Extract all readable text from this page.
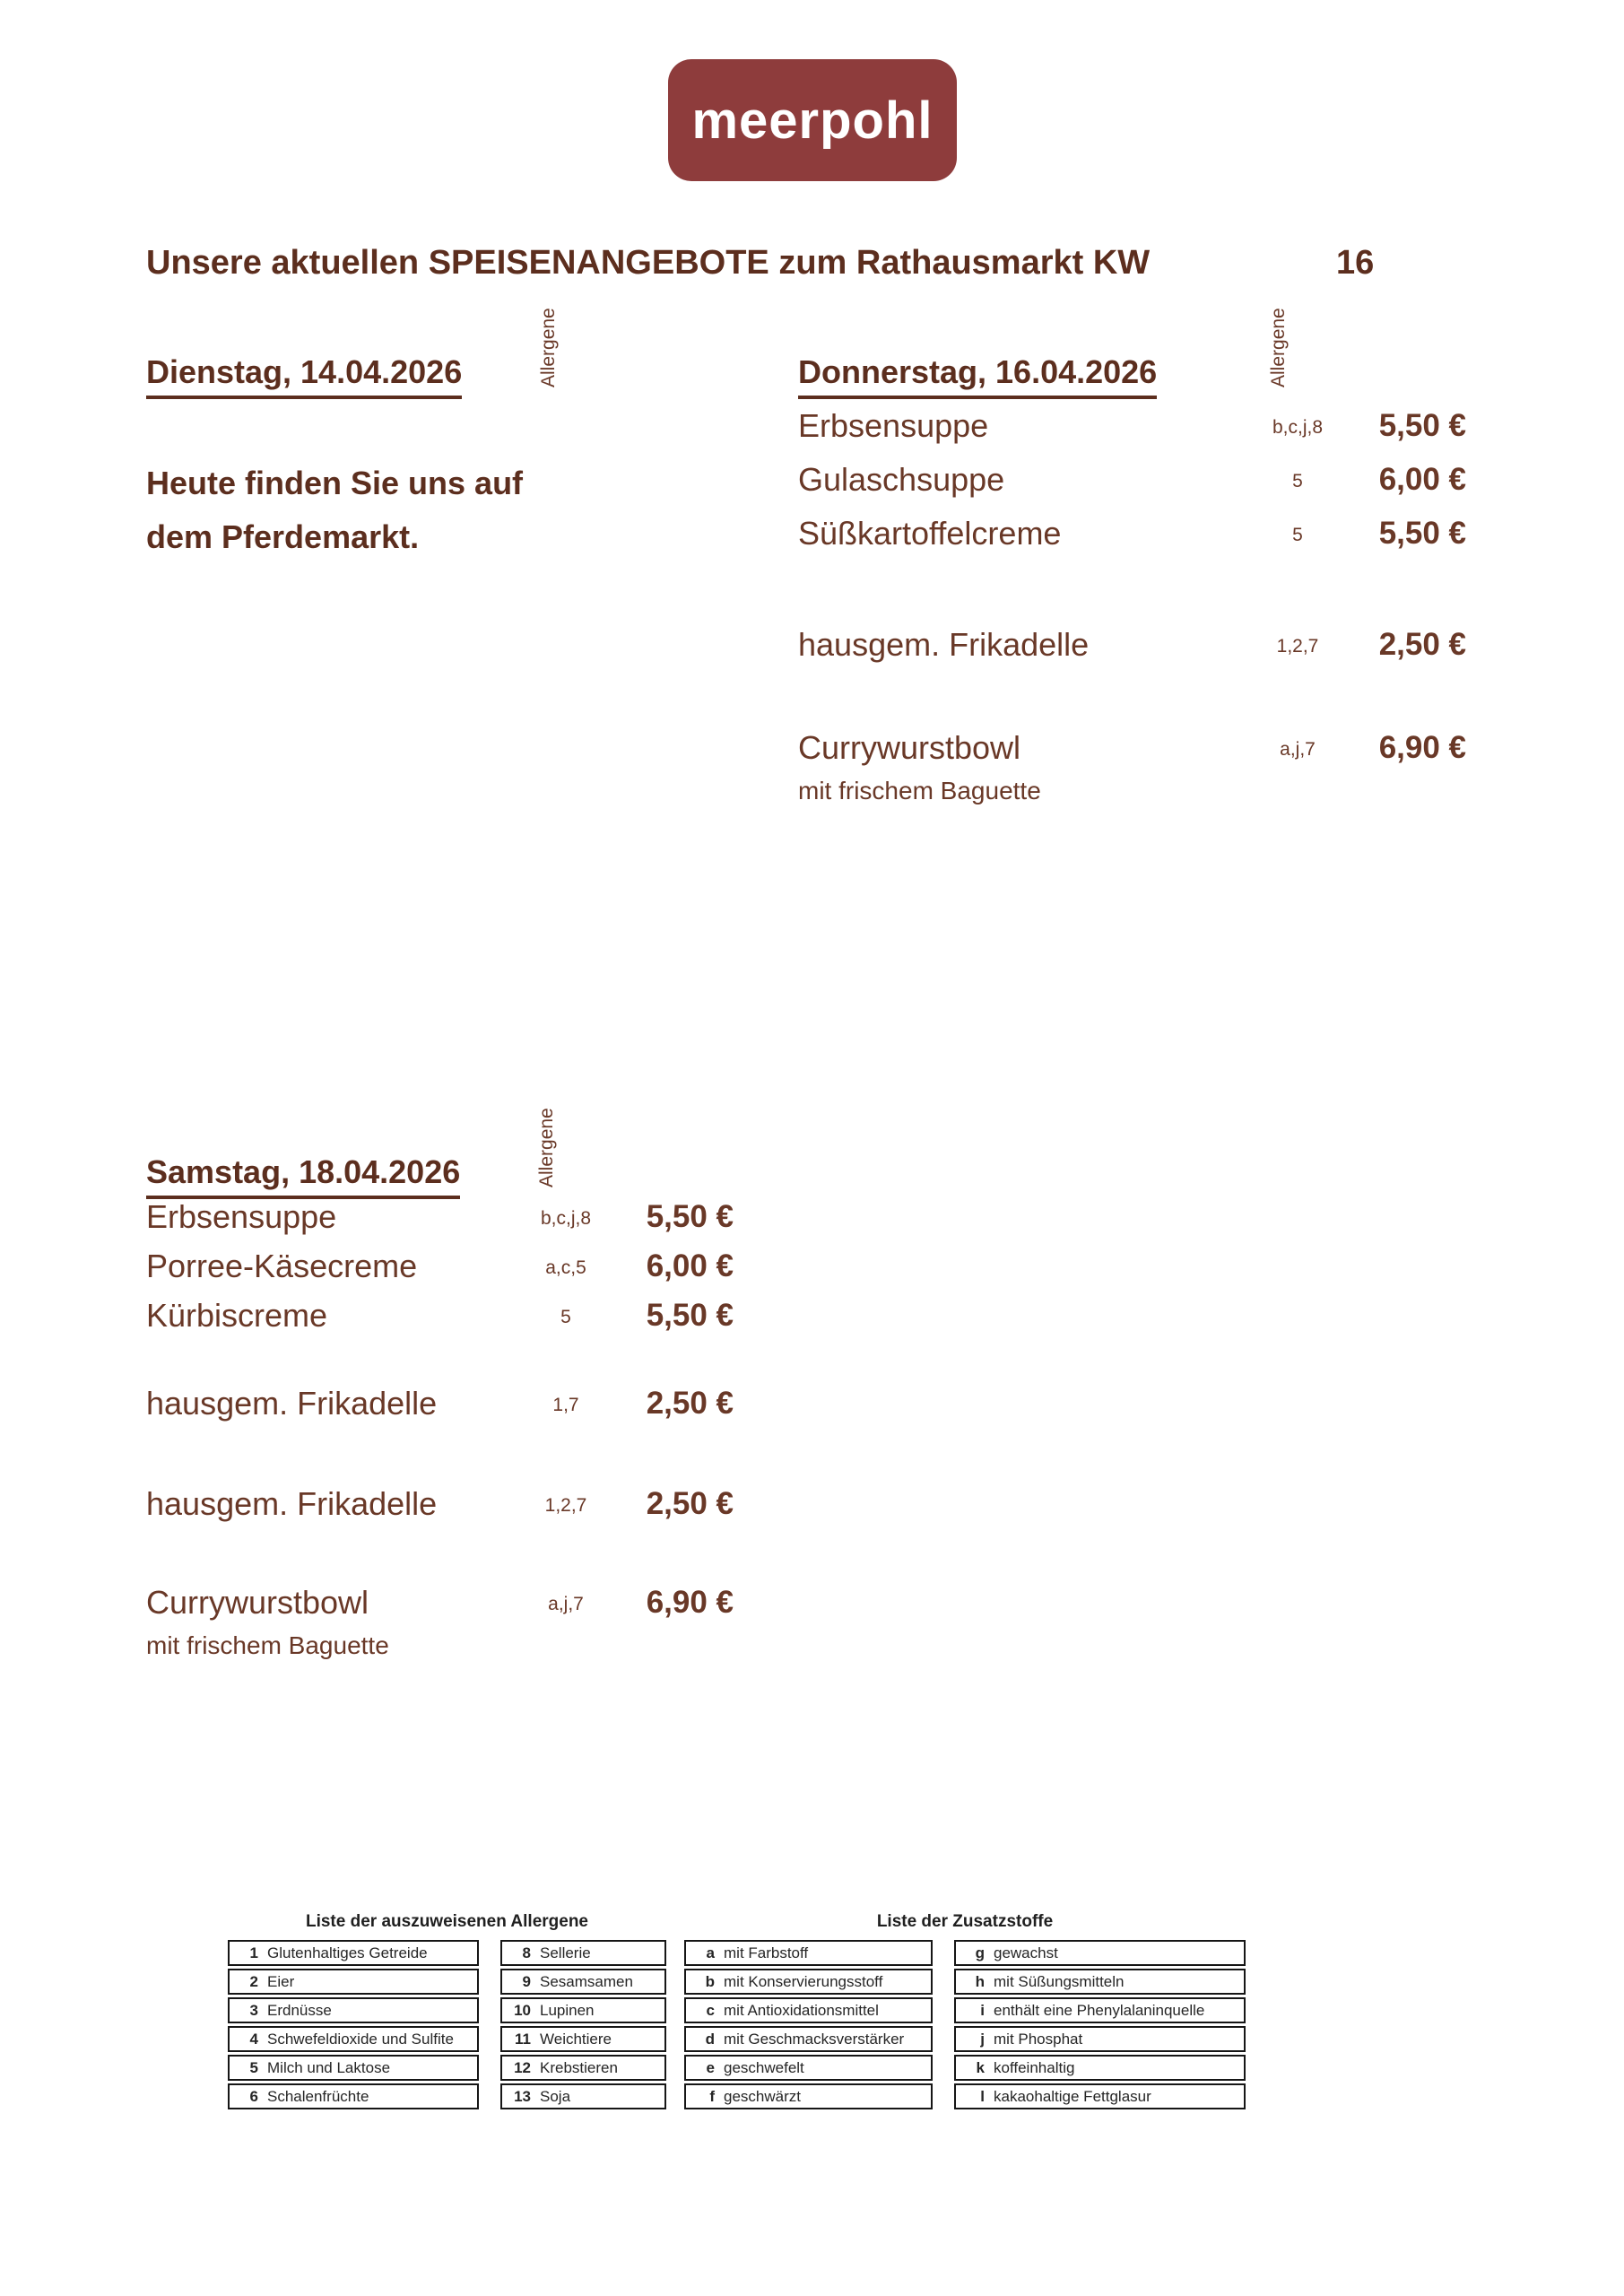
meerpohl
Unsere aktuellen SPEISENANGEBOTE zum Rathausmarkt KW	16
Allergene	Allergene
Allergene
Dienstag, 14.04.2026
Heute finden Sie uns auf
dem Pferdemarkt.
Donnerstag, 16.04.2026
Erbsensuppe	b,c,j,8	5,50 €
Gulaschsuppe	5	6,00 €
Süßkartoffelcreme	5	5,50 €
hausgem. Frikadelle	1,2,7	2,50 €
Currywurstbowl	a,j,7	6,90 €
mit frischem Baguette
Samstag, 18.04.2026
Erbsensuppe	b,c,j,8	5,50 €
Porree-Käsecreme	a,c,5	6,00 €
Kürbiscreme	5	5,50 €
hausgem. Frikadelle	1,7	2,50 €
hausgem. Frikadelle	1,2,7	2,50 €
Currywurstbowl	a,j,7	6,90 €
mit frischem Baguette
Liste der auszuweisenen Allergene
1 Glutenhaltiges Getreide
2 Eier
3 Erdnüsse
4 Schwefeldioxide und Sulfite
5 Milch und Laktose
6 Schalenfrüchte
8 Sellerie
9 Sesamsamen
10 Lupinen
11 Weichtiere
12 Krebstieren
13 Soja
Liste der Zusatzstoffe
a mit Farbstoff
b mit Konservierungsstoff
c mit Antioxidationsmittel
d mit Geschmacksverstärker
e geschwefelt
f geschwärzt
g gewachst
h mit Süßungsmitteln
i enthält eine Phenylalaninquelle
j mit Phosphat
k koffeinhaltig
l kakaohaltige Fettglasur
